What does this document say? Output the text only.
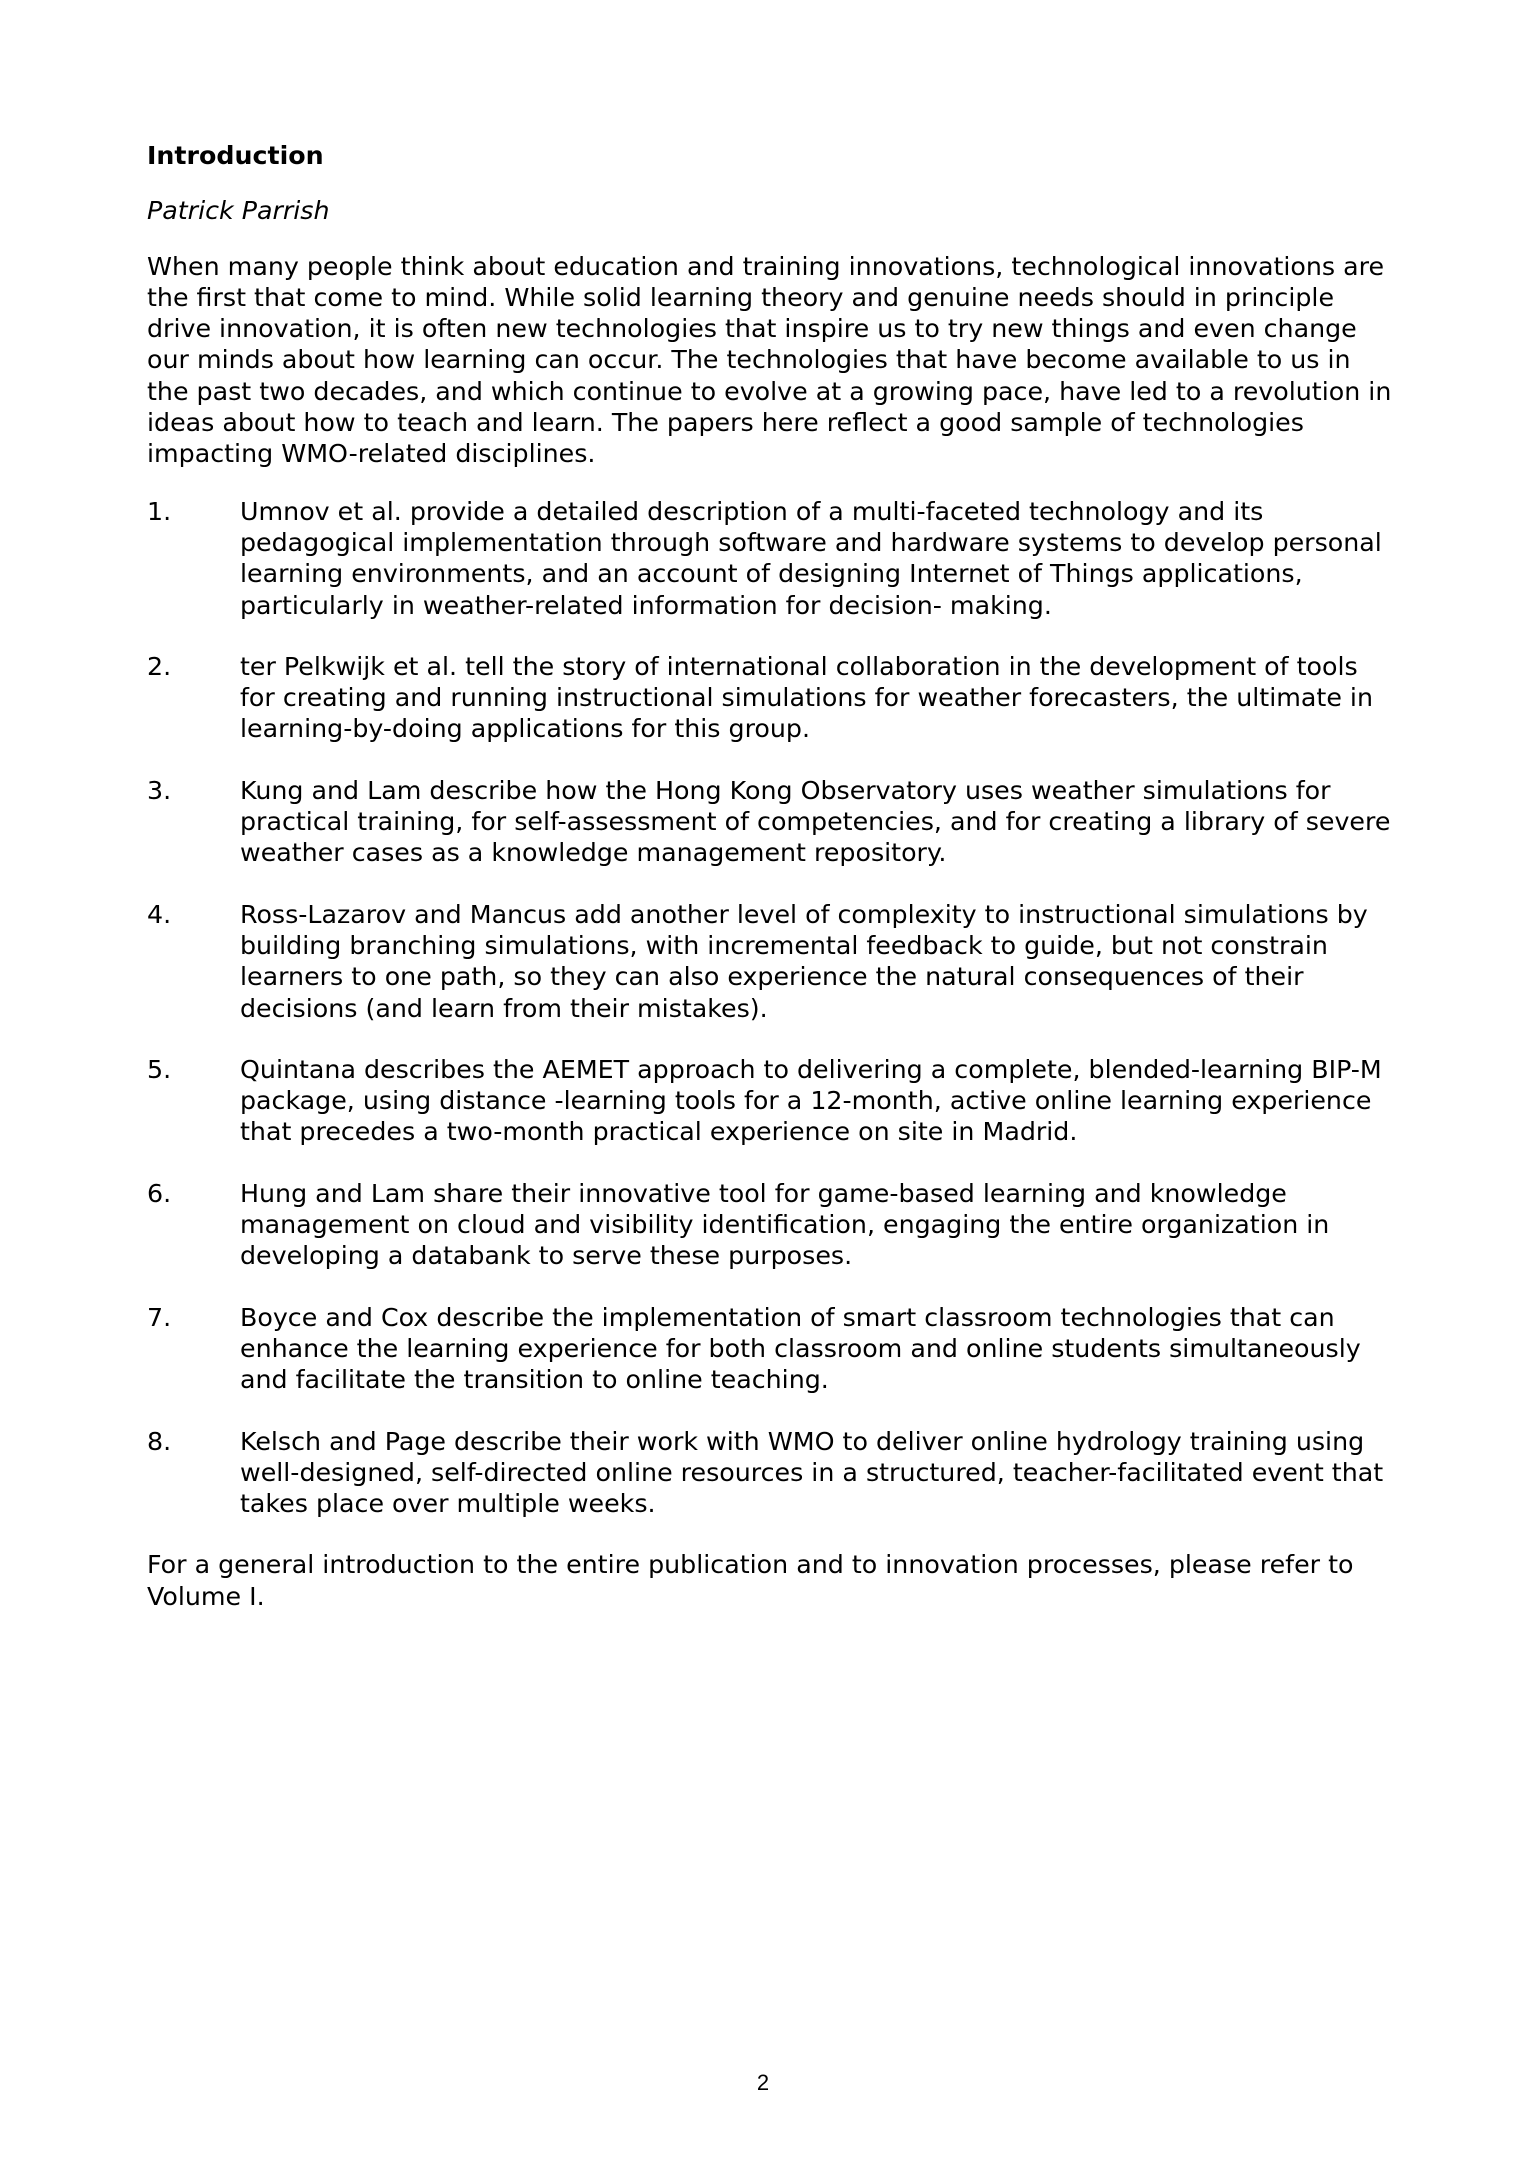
Introduction

Patrick Parrish

When many people think about education and training innovations, technological innovations are the first that come to mind. While solid learning theory and genuine needs should in principle drive innovation, it is often new technologies that inspire us to try new things and even change our minds about how learning can occur. The technologies that have become available to us in the past two decades, and which continue to evolve at a growing pace, have led to a revolution in ideas about how to teach and learn. The papers here reflect a good sample of technologies impacting WMO-related disciplines.

1.	Umnov et al. provide a detailed description of a multi-faceted technology and its pedagogical implementation through software and hardware systems to develop personal learning environments, and an account of designing Internet of Things applications, particularly in weather-related information for decision- making.
2.	ter Pelkwijk et al. tell the story of international collaboration in the development of tools for creating and running instructional simulations for weather forecasters, the ultimate in learning-by-doing applications for this group.
3.	Kung and Lam describe how the Hong Kong Observatory uses weather simulations for practical training, for self-assessment of competencies, and for creating a library of severe weather cases as a knowledge management repository.
4.	Ross-Lazarov and Mancus add another level of complexity to instructional simulations by building branching simulations, with incremental feedback to guide, but not constrain learners to one path, so they can also experience the natural consequences of their decisions (and learn from their mistakes).
5.	Quintana describes the AEMET approach to delivering a complete, blended-learning BIP-M package, using distance -learning tools for a 12-month, active online learning experience that precedes a two-month practical experience on site in Madrid.
6.	Hung and Lam share their innovative tool for game-based learning and knowledge management on cloud and visibility identification, engaging the entire organization in developing a databank to serve these purposes.
7.	Boyce and Cox describe the implementation of smart classroom technologies that can enhance the learning experience for both classroom and online students simultaneously and facilitate the transition to online teaching.
8.	Kelsch and Page describe their work with WMO to deliver online hydrology training using well-designed, self-directed online resources in a structured, teacher-facilitated event that takes place over multiple weeks.

For a general introduction to the entire publication and to innovation processes, please refer to Volume I.

2
